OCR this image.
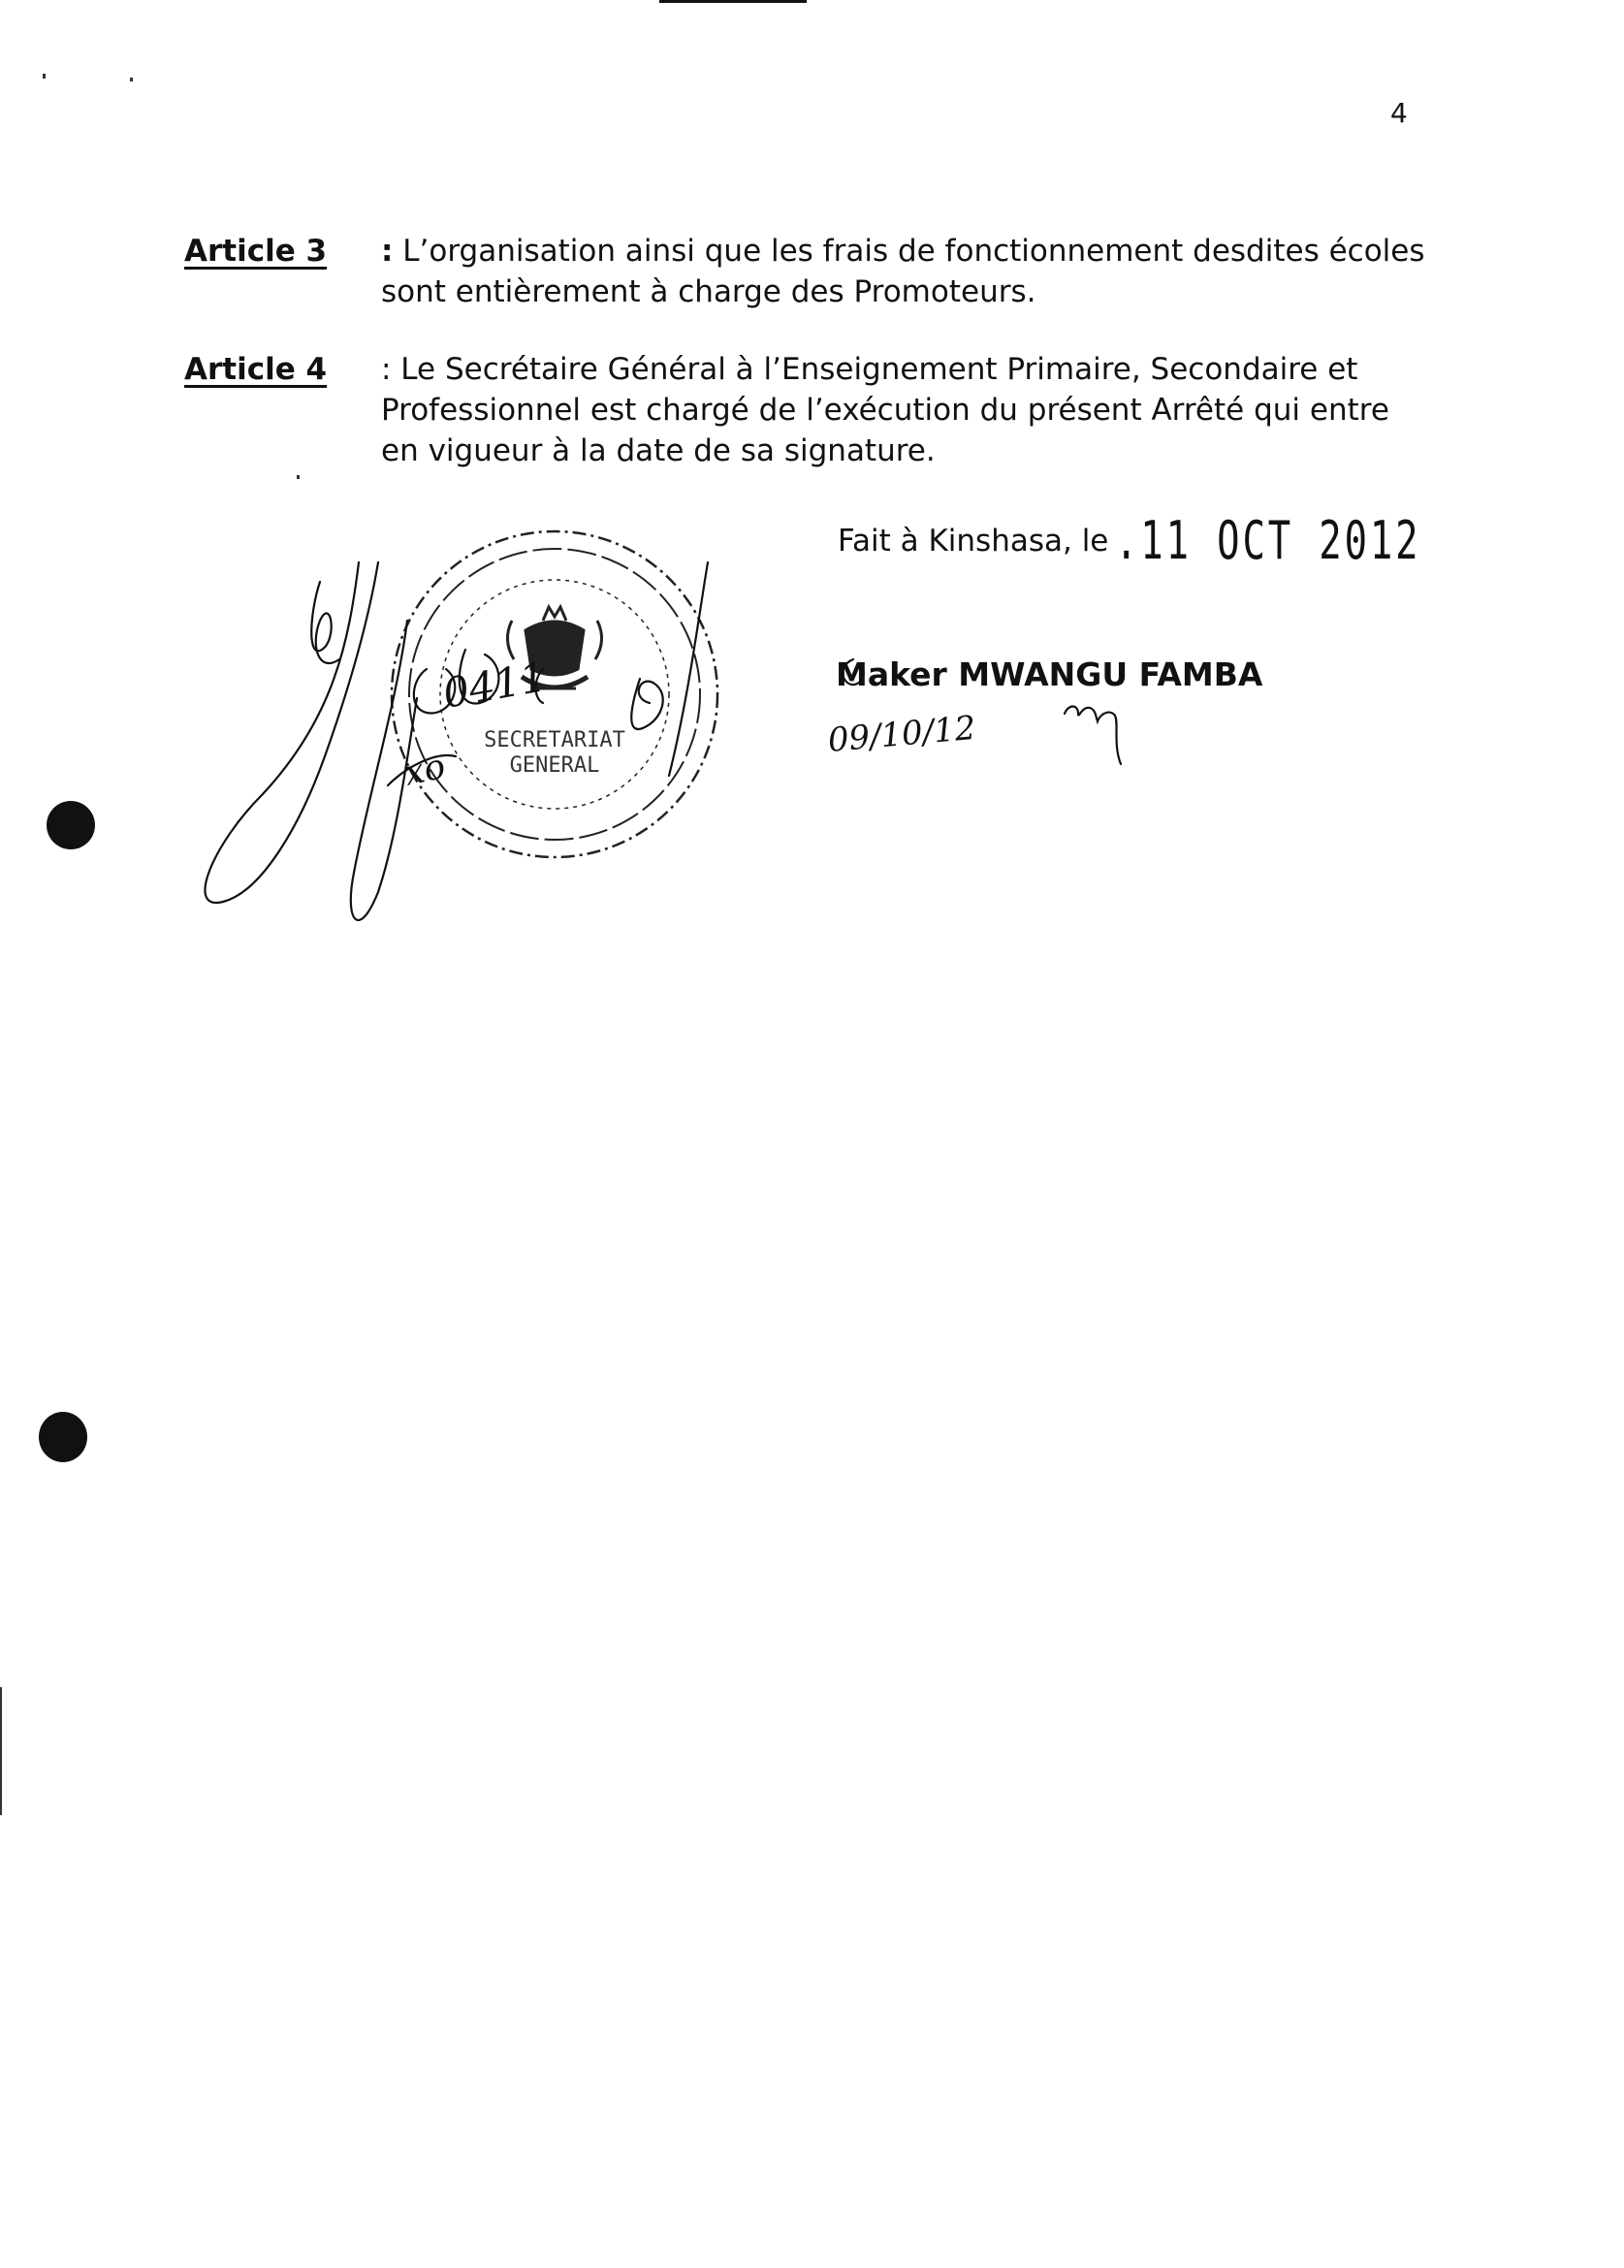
4
Article 3 : L’organisation ainsi que les frais de fonctionnement desdites écoles
sont entièrement à charge des Promoteurs.
Article 4 : Le Secrétaire Général à l’Enseignement Primaire, Secondaire et
Professionnel est chargé de l’exécution du présent Arrêté qui entre
en vigueur à la date de sa signature.
Fait à Kinshasa, le .11 OCT 2012
Maker MWANGU FAMBA
SECRETARIAT
GENERAL
0411
xo
09/10/12
